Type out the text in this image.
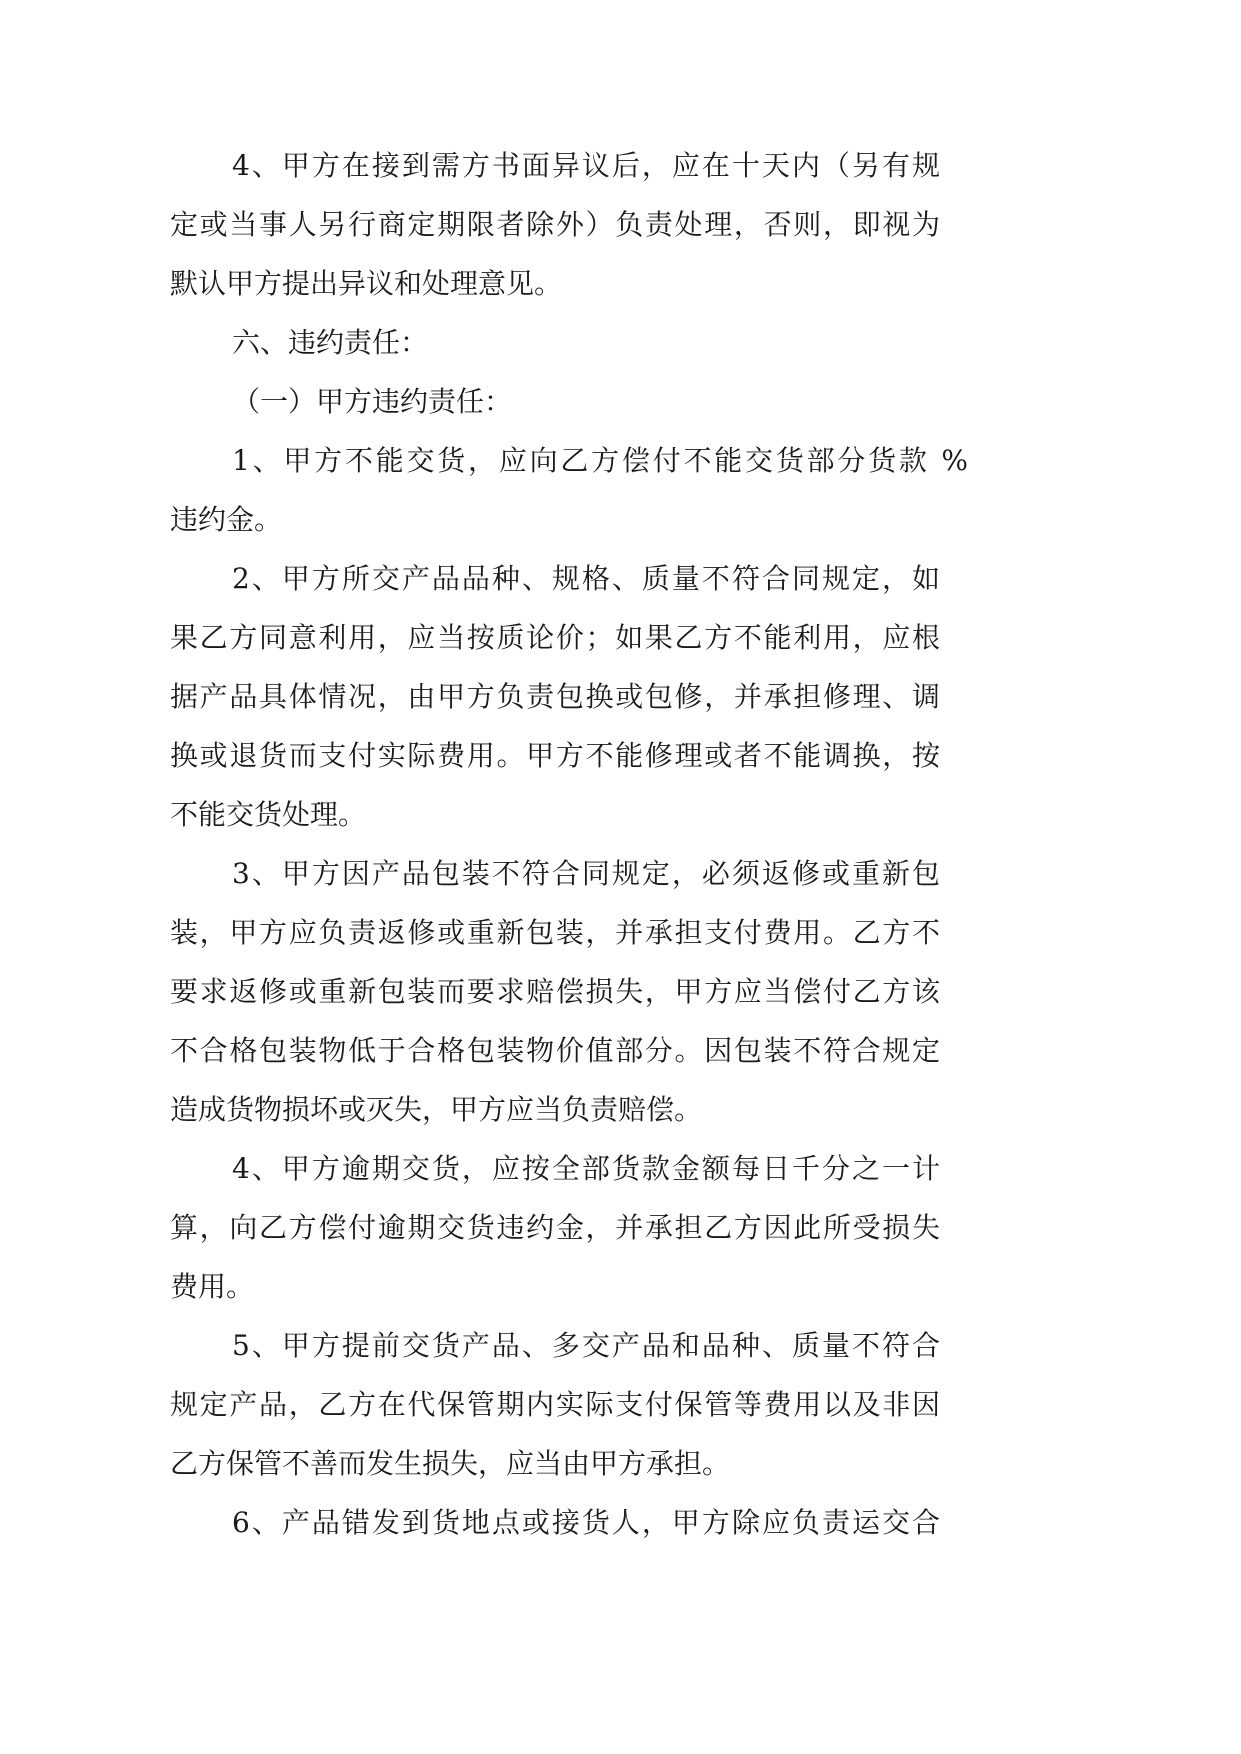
4、甲方在接到需方书面异议后，应在十天内（另有规
定或当事人另行商定期限者除外）负责处理，否则，即视为
默认甲方提出异议和处理意见。
六、违约责任：
（一）甲方违约责任：
1、甲方不能交货，应向乙方偿付不能交货部分货款 %
违约金。
2、甲方所交产品品种、规格、质量不符合同规定，如
果乙方同意利用，应当按质论价；如果乙方不能利用，应根
据产品具体情况，由甲方负责包换或包修，并承担修理、调
换或退货而支付实际费用。甲方不能修理或者不能调换，按
不能交货处理。
3、甲方因产品包装不符合同规定，必须返修或重新包
装，甲方应负责返修或重新包装，并承担支付费用。乙方不
要求返修或重新包装而要求赔偿损失，甲方应当偿付乙方该
不合格包装物低于合格包装物价值部分。因包装不符合规定
造成货物损坏或灭失，甲方应当负责赔偿。
4、甲方逾期交货，应按全部货款金额每日千分之一计
算，向乙方偿付逾期交货违约金，并承担乙方因此所受损失
费用。
5、甲方提前交货产品、多交产品和品种、质量不符合
规定产品，乙方在代保管期内实际支付保管等费用以及非因
乙方保管不善而发生损失，应当由甲方承担。
6、产品错发到货地点或接货人，甲方除应负责运交合
